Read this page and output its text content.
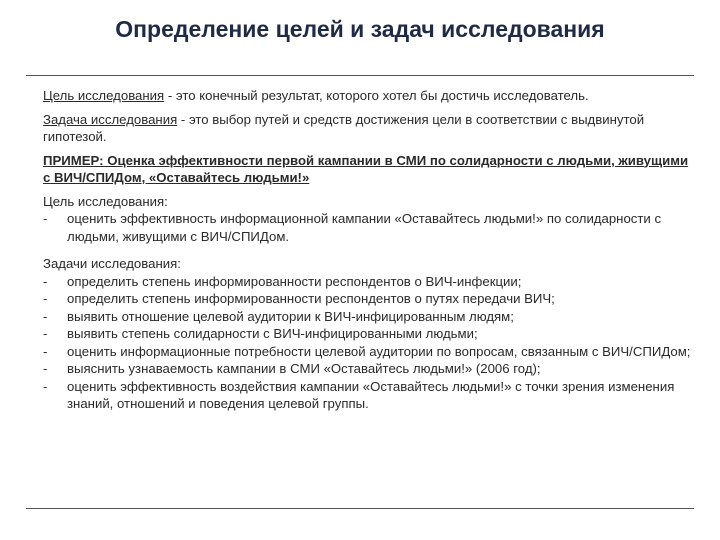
Определение целей и задач исследования

Цель исследования - это конечный результат, которого хотел бы достичь исследователь.

Задача исследования - это выбор путей и средств достижения цели в соответствии с выдвинутой гипотезой.

ПРИМЕР: Оценка эффективности первой кампании в СМИ по солидарности с людьми, живущими с ВИЧ/СПИДом, «Оставайтесь людьми!»

Цель исследования:

- оценить эффективность информационной кампании «Оставайтесь людьми!» по солидарности с людьми, живущими с ВИЧ/СПИДом.

Задачи исследования:

- определить степень информированности респондентов о ВИЧ-инфекции;
- определить степень информированности респондентов о путях передачи ВИЧ;
- выявить отношение целевой аудитории к ВИЧ-инфицированным людям;
- выявить степень солидарности с ВИЧ-инфицированными людьми;
- оценить информационные потребности целевой аудитории по вопросам, связанным с ВИЧ/СПИДом;
- выяснить узнаваемость кампании в СМИ «Оставайтесь людьми!» (2006 год);
- оценить эффективность воздействия кампании «Оставайтесь людьми!» с точки зрения изменения знаний, отношений и поведения целевой группы.
